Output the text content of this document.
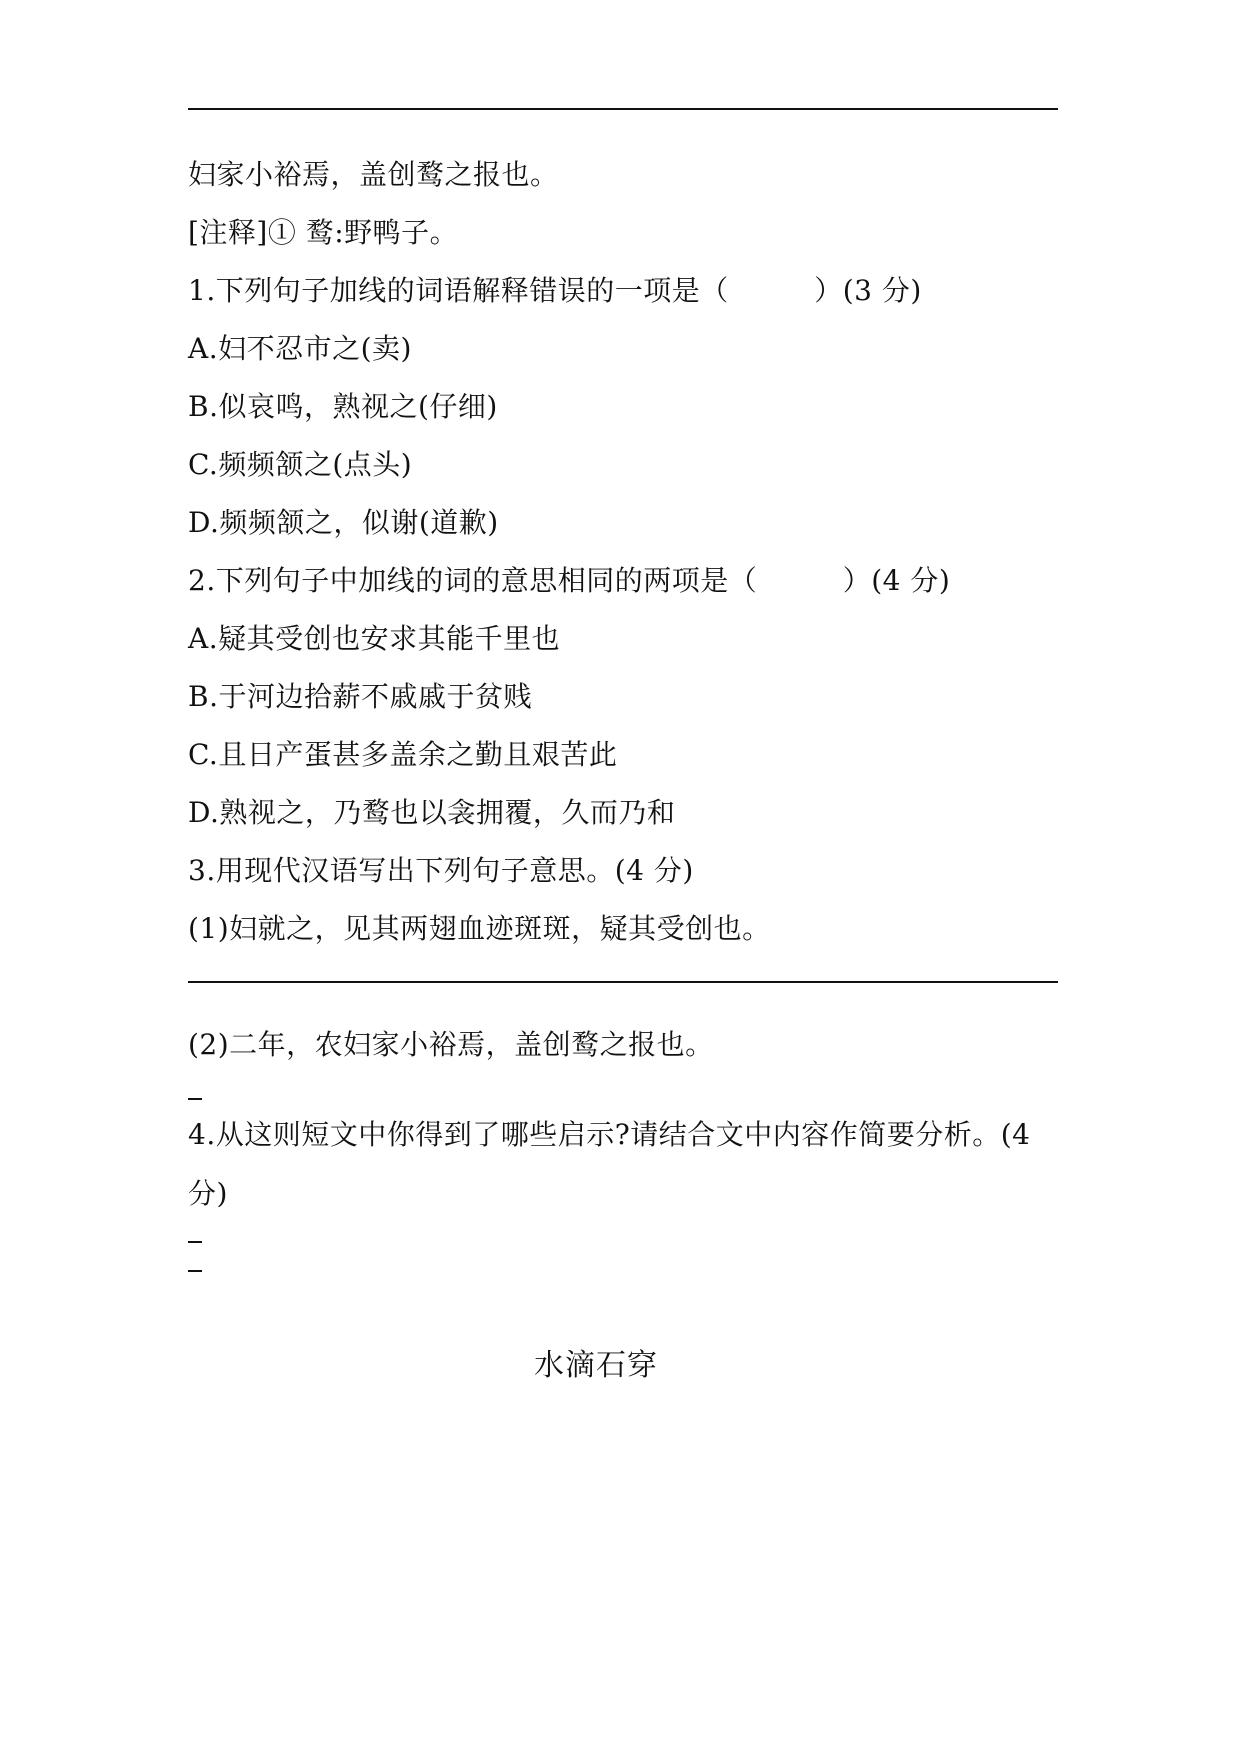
妇家小裕焉，盖创鹜之报也。
[注释]① 鹜:野鸭子。
1.下列句子加线的词语解释错误的一项是（　　　）(3 分)
A.妇不忍市之(卖)
B.似哀鸣，熟视之(仔细)
C.频频颔之(点头)
D.频频颔之，似谢(道歉)
2.下列句子中加线的词的意思相同的两项是（　　　）(4 分)
A.疑其受创也安求其能千里也
B.于河边拾薪不戚戚于贫贱
C.且日产蛋甚多盖余之勤且艰苦此
D.熟视之，乃鹜也以衾拥覆，久而乃和
3.用现代汉语写出下列句子意思。(4 分)
(1)妇就之，见其两翅血迹斑斑，疑其受创也。
(2)二年，农妇家小裕焉，盖创鹜之报也。
4.从这则短文中你得到了哪些启示?请结合文中内容作简要分析。(4
分)
水滴石穿
